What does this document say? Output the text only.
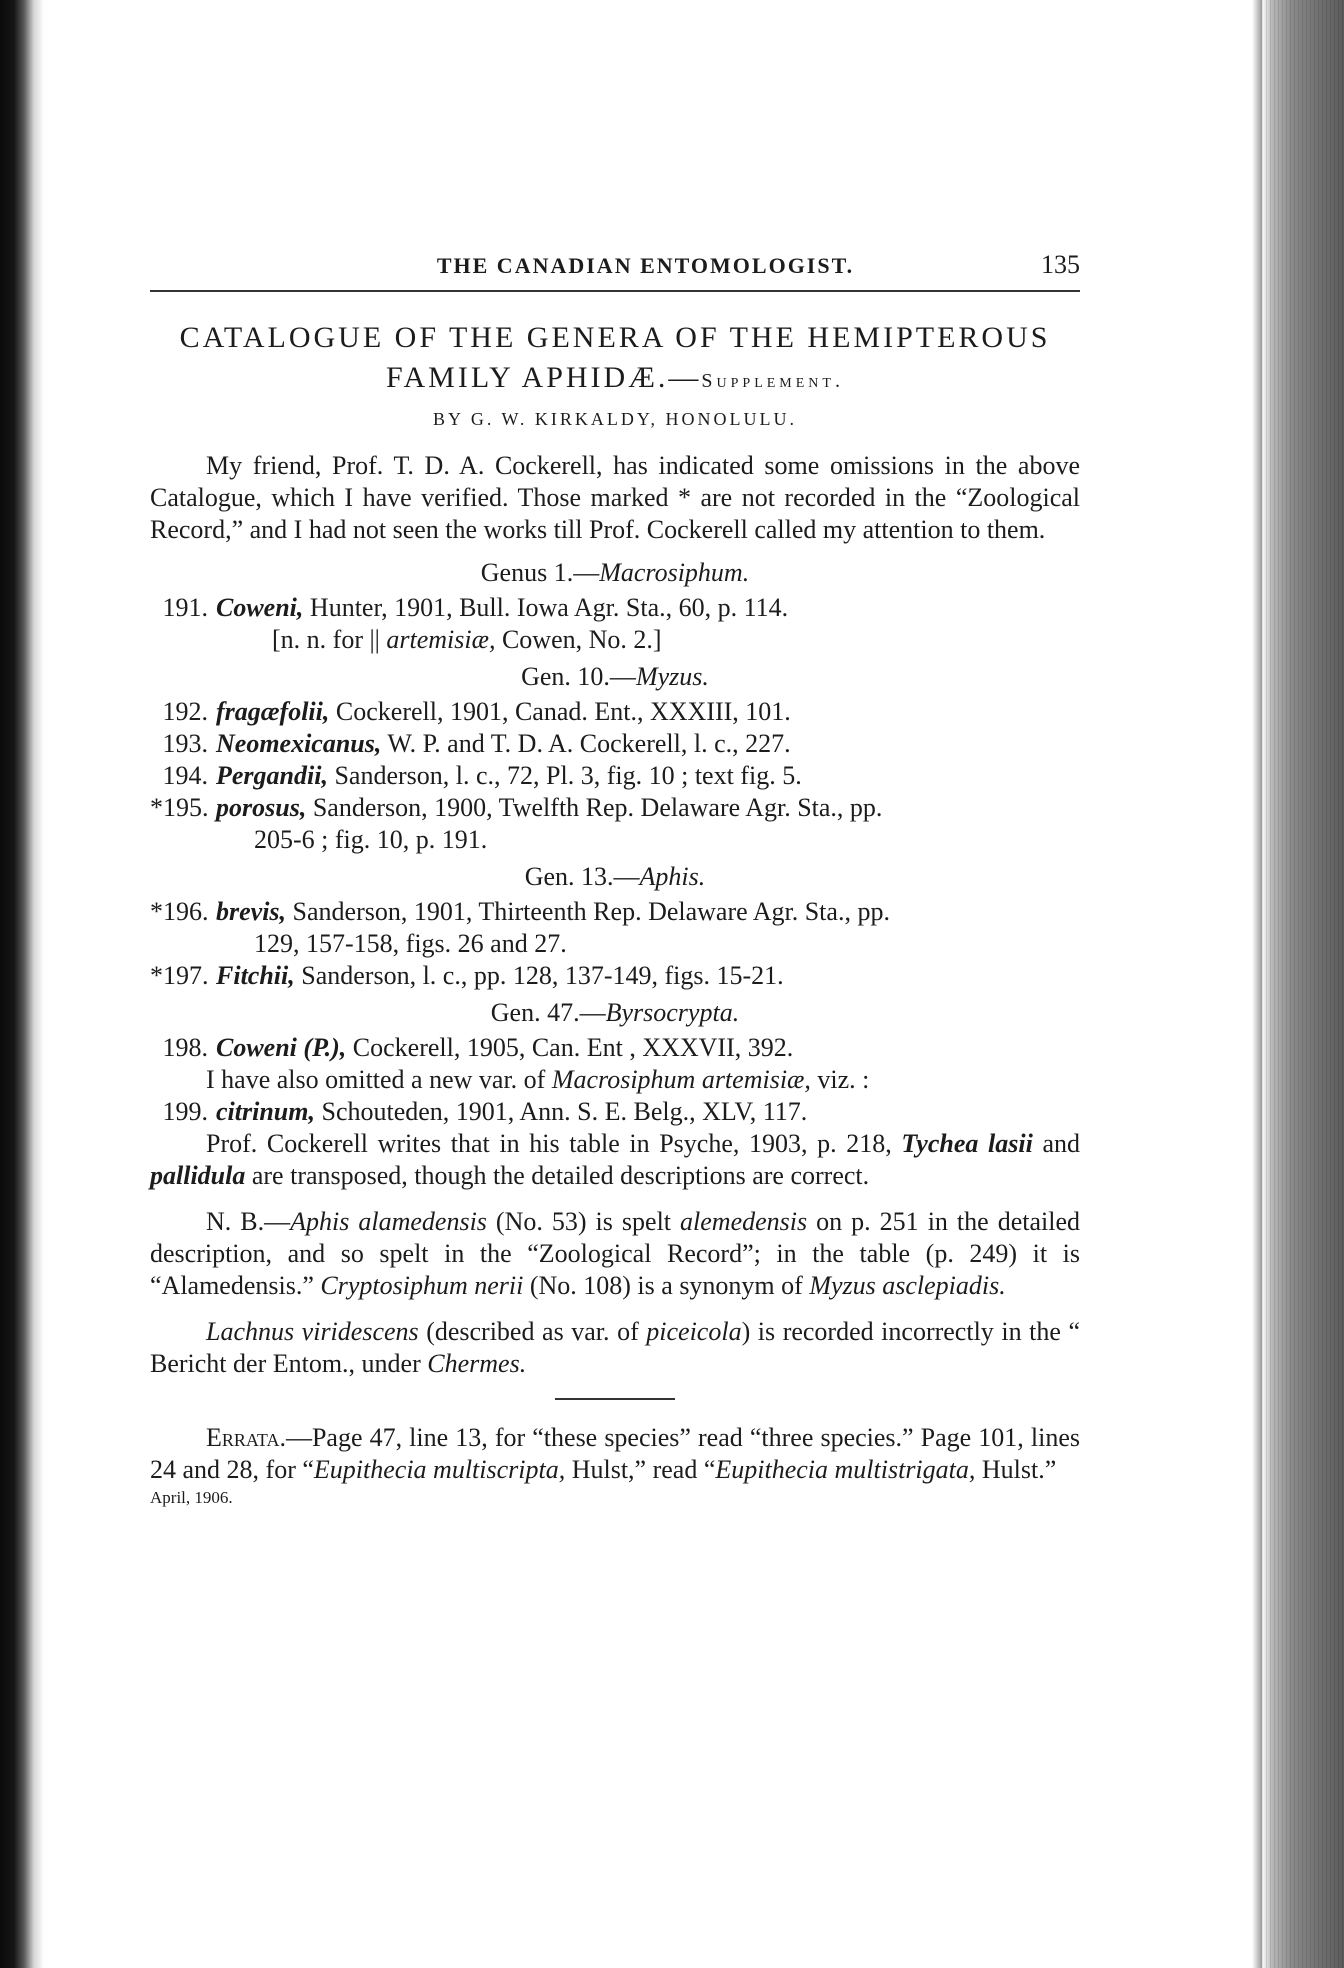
THE CANADIAN ENTOMOLOGIST.	135
CATALOGUE OF THE GENERA OF THE HEMIPTEROUS
FAMILY APHIDÆ.—Supplement.
BY G. W. KIRKALDY, HONOLULU.

My friend, Prof. T. D. A. Cockerell, has indicated some omissions in the above Catalogue, which I have verified. Those marked * are not recorded in the “Zoological Record,” and I had not seen the works till Prof. Cockerell called my attention to them.

Genus 1.—Macrosiphum.

191. Coweni, Hunter, 1901, Bull. Iowa Agr. Sta., 60, p. 114.

[n. n. for || artemisiæ, Cowen, No. 2.]

Gen. 10.—Myzus.

192. fragæfolii, Cockerell, 1901, Canad. Ent., XXXIII, 101.

193. Neomexicanus, W. P. and T. D. A. Cockerell, l. c., 227.

194. Pergandii, Sanderson, l. c., 72, Pl. 3, fig. 10 ; text fig. 5.

*195. porosus, Sanderson, 1900, Twelfth Rep. Delaware Agr. Sta., pp.

205-6 ; fig. 10, p. 191.

Gen. 13.—Aphis.

*196. brevis, Sanderson, 1901, Thirteenth Rep. Delaware Agr. Sta., pp.

129, 157-158, figs. 26 and 27.

*197. Fitchii, Sanderson, l. c., pp. 128, 137-149, figs. 15-21.

Gen. 47.—Byrsocrypta.

198. Coweni (P.), Cockerell, 1905, Can. Ent , XXXVII, 392.

I have also omitted a new var. of Macrosiphum artemisiæ, viz. :

199. citrinum, Schouteden, 1901, Ann. S. E. Belg., XLV, 117.

Prof. Cockerell writes that in his table in Psyche, 1903, p. 218, Tychea lasii and pallidula are transposed, though the detailed descriptions are correct.

N. B.—Aphis alamedensis (No. 53) is spelt alemedensis on p. 251 in the detailed description, and so spelt in the “Zoological Record”; in the table (p. 249) it is “Alamedensis.” Cryptosiphum nerii (No. 108) is a synonym of Myzus asclepiadis.

Lachnus viridescens (described as var. of piceicola) is recorded incorrectly in the “ Bericht der Entom., under Chermes.

Errata.—Page 47, line 13, for “these species” read “three species.” Page 101, lines 24 and 28, for “Eupithecia multiscripta, Hulst,” read “Eupithecia multistrigata, Hulst.”

April, 1906.
